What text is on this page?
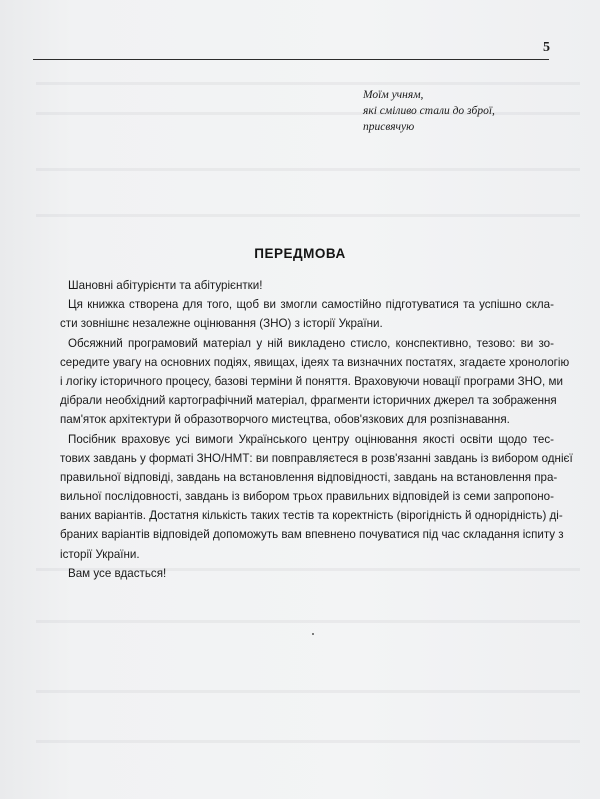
5
Моїм учням,
які сміливо стали до зброї,
присвячую
ПЕРЕДМОВА
Шановні абітурієнти та абітурієнтки!
Ця книжка створена для того, щоб ви змогли самостійно підготуватися та успішно скла-
сти зовнішнє незалежне оцінювання (ЗНО) з історії України.
Обсяжний програмовий матеріал у ній викладено стисло, конспективно, тезово: ви зо-
середите увагу на основних подіях, явищах, ідеях та визначних постатях, згадаєте хронологію
і логіку історичного процесу, базові терміни й поняття. Враховуючи новації програми ЗНО, ми
дібрали необхідний картографічний матеріал, фрагменти історичних джерел та зображення
пам'яток архітектури й образотворчого мистецтва, обов'язкових для розпізнавання.
Посібник враховує усі вимоги Українського центру оцінювання якості освіти щодо тес-
тових завдань у форматі ЗНО/НМТ: ви повправляєтеся в розв'язанні завдань із вибором однієї
правильної відповіді, завдань на встановлення відповідності, завдань на встановлення пра-
вильної послідовності, завдань із вибором трьох правильних відповідей із семи запропоно-
ваних варіантів. Достатня кількість таких тестів та коректність (вірогідність й однорідність) ді-
браних варіантів відповідей допоможуть вам впевнено почуватися під час складання іспиту з
історії України.
Вам усе вдасться!
